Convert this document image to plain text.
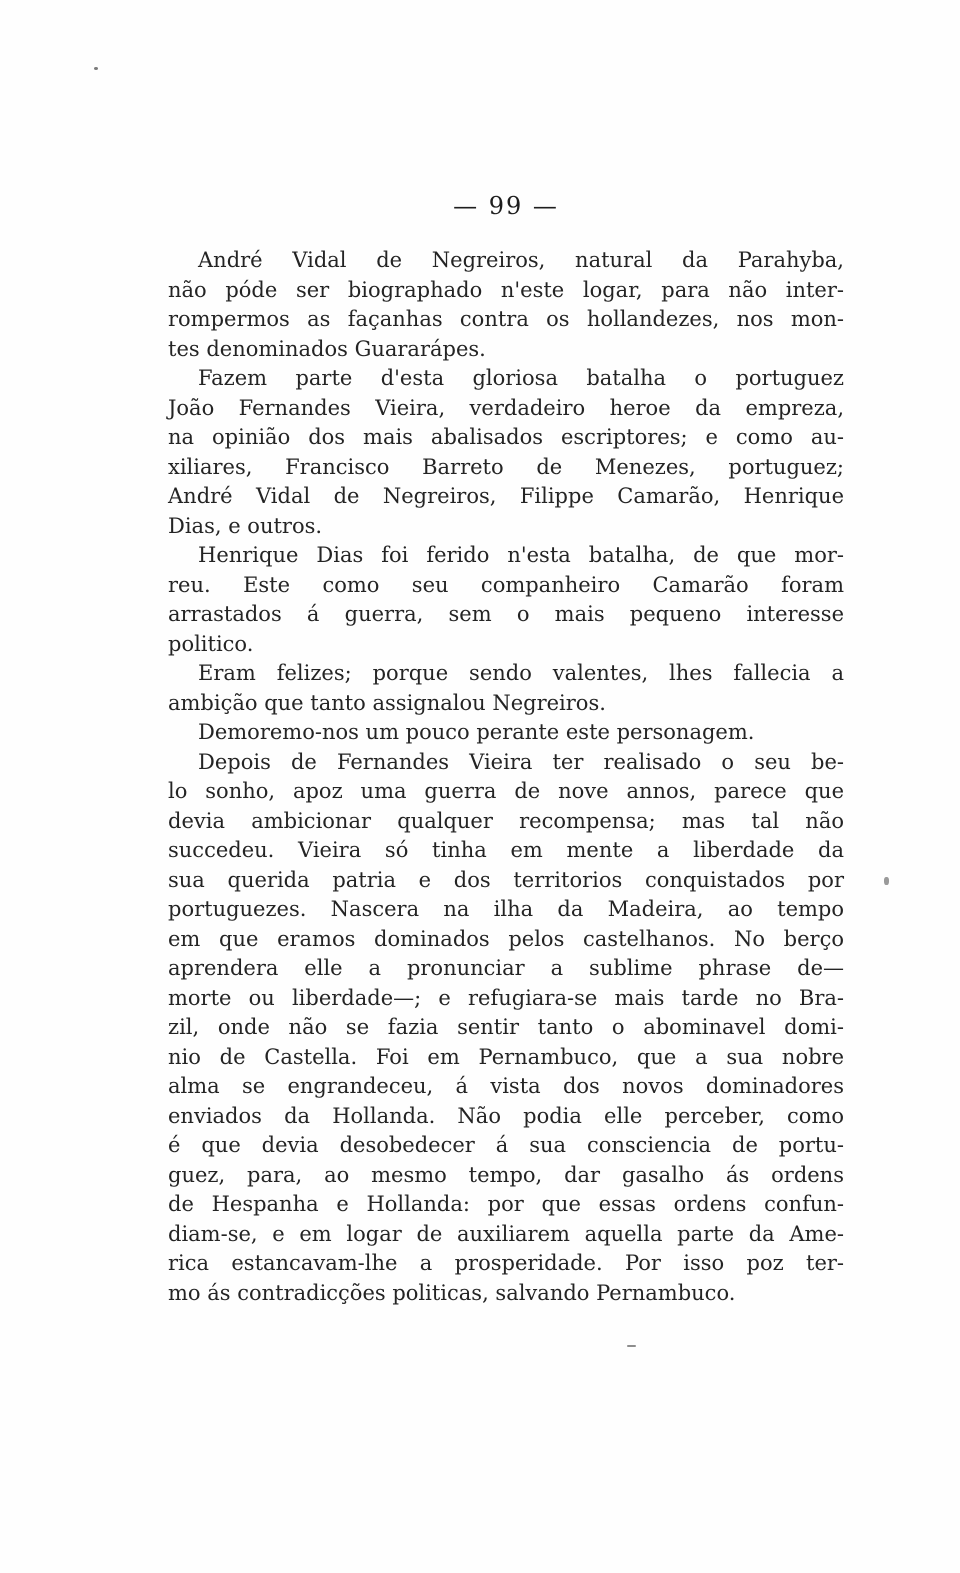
— 99 —
André Vidal de Negreiros, natural da Parahyba,
não póde ser biographado n'este logar, para não inter-
rompermos as façanhas contra os hollandezes, nos mon-
tes denominados Guararápes.
Fazem parte d'esta gloriosa batalha o portuguez
João Fernandes Vieira, verdadeiro heroe da empreza,
na opinião dos mais abalisados escriptores; e como au-
xiliares, Francisco Barreto de Menezes, portuguez;
André Vidal de Negreiros, Filippe Camarão, Henrique
Dias, e outros.
Henrique Dias foi ferido n'esta batalha, de que mor-
reu. Este como seu companheiro Camarão foram
arrastados á guerra, sem o mais pequeno interesse
politico.
Eram felizes; porque sendo valentes, lhes fallecia a
ambição que tanto assignalou Negreiros.
Demoremo-nos um pouco perante este personagem.
Depois de Fernandes Vieira ter realisado o seu be-
lo sonho, apoz uma guerra de nove annos, parece que
devia ambicionar qualquer recompensa; mas tal não
succedeu. Vieira só tinha em mente a liberdade da
sua querida patria e dos territorios conquistados por
portuguezes. Nascera na ilha da Madeira, ao tempo
em que eramos dominados pelos castelhanos. No berço
aprendera elle a pronunciar a sublime phrase de—
morte ou liberdade—; e refugiara-se mais tarde no Bra-
zil, onde não se fazia sentir tanto o abominavel domi-
nio de Castella. Foi em Pernambuco, que a sua nobre
alma se engrandeceu, á vista dos novos dominadores
enviados da Hollanda. Não podia elle perceber, como
é que devia desobedecer á sua consciencia de portu-
guez, para, ao mesmo tempo, dar gasalho ás ordens
de Hespanha e Hollanda: por que essas ordens confun-
diam-se, e em logar de auxiliarem aquella parte da Ame-
rica estancavam-lhe a prosperidade. Por isso poz ter-
mo ás contradicções politicas, salvando Pernambuco.
